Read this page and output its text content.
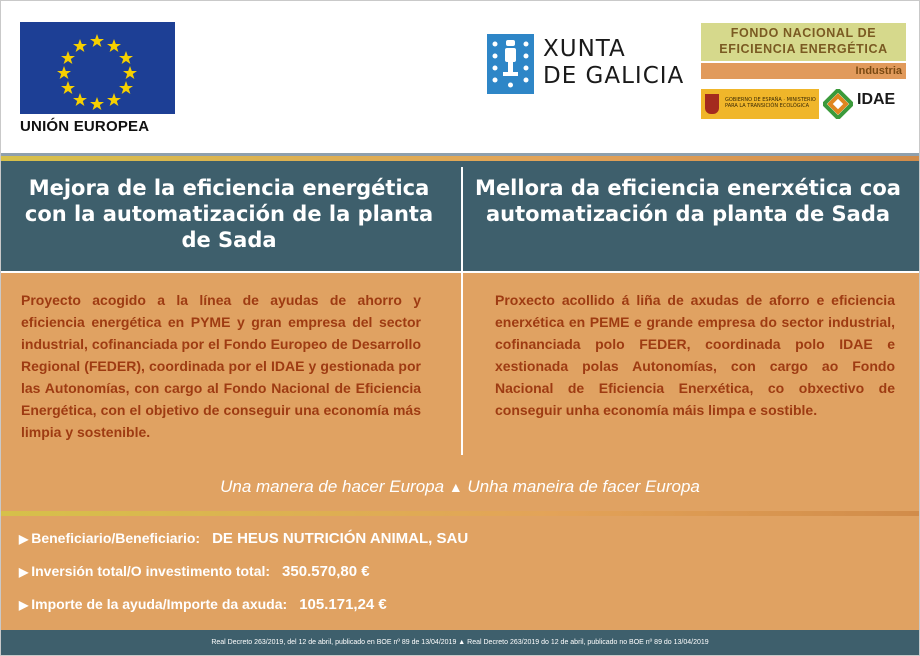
UNIÓN EUROPEA
XUNTA
DE GALICIA
FONDO NACIONAL DE
EFICIENCIA ENERGÉTICA
Industria
GOBIERNO DE ESPAÑA · MINISTERIO PARA LA TRANSICIÓN ECOLÓGICA	IDAE
Mejora de la eficiencia energética con la automatización de la planta de Sada
Mellora da eficiencia enerxética coa automatización da planta de Sada
Proyecto acogido a la línea de ayudas de ahorro y eficiencia energética en PYME y gran empresa del sector industrial, cofinanciada por el Fondo Europeo de Desarrollo Regional (FEDER), coordinada por el IDAE y gestionada por las Autonomías, con cargo al Fondo Nacional de Eficiencia Energética, con el objetivo de conseguir una economía más limpia y sostenible.
Proxecto acollido á liña de axudas de aforro e eficiencia enerxética en PEME e grande empresa do sector industrial, cofinanciada polo FEDER, coordinada polo IDAE e xestionada polas Autonomías, con cargo ao Fondo Nacional de Eficiencia Enerxética, co obxectivo de conseguir unha economía máis limpa e sostible.
Una manera de hacer Europa ▲ Unha maneira de facer Europa
▶ Beneficiario/Beneficiario: DE HEUS NUTRICIÓN ANIMAL, SAU
▶ Inversión total/O investimento total: 350.570,80 €
▶ Importe de la ayuda/Importe da axuda: 105.171,24 €
Real Decreto 263/2019, del 12 de abril, publicado en BOE nº 89 de 13/04/2019 ▲ Real Decreto 263/2019 do 12 de abril, publicado no BOE nº 89 do 13/04/2019
